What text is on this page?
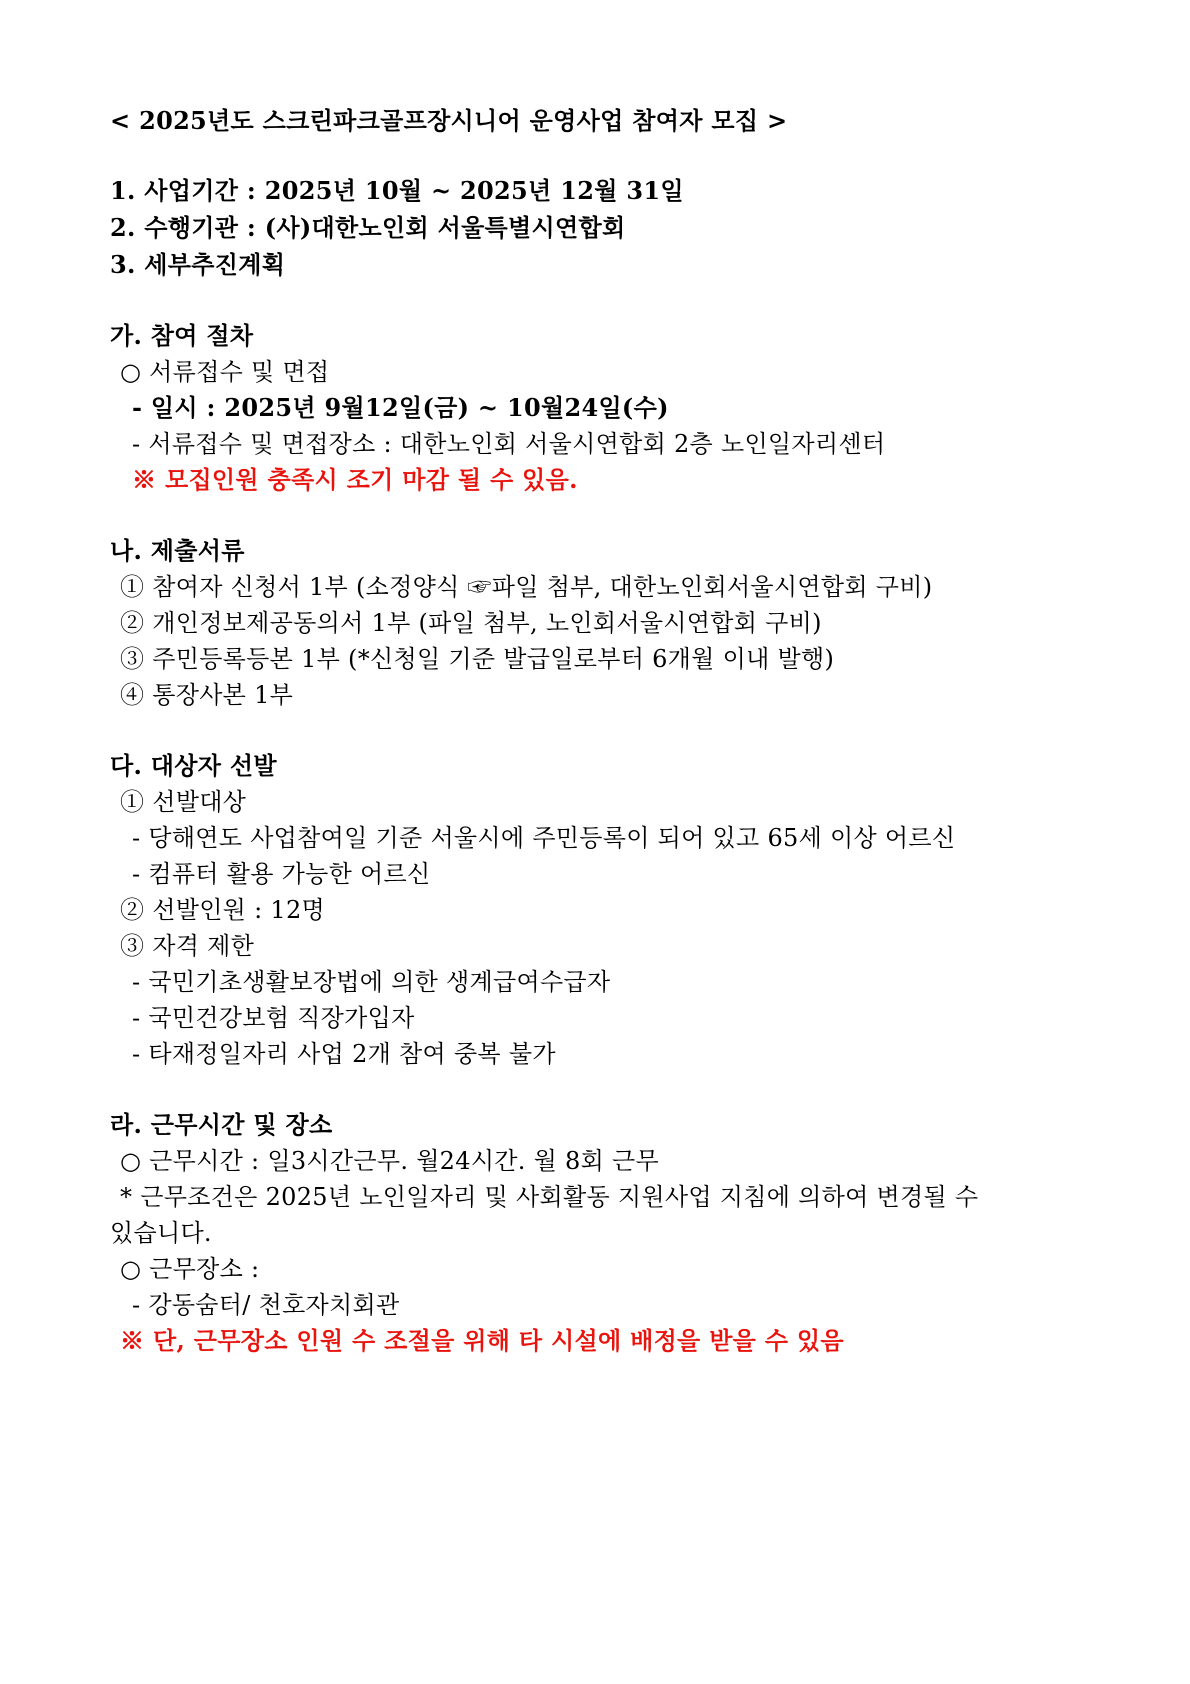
< 2025년도 스크린파크골프장시니어 운영사업 참여자 모집 >
1. 사업기간 : 2025년 10월 ~ 2025년 12월 31일
2. 수행기관 : (사)대한노인회 서울특별시연합회
3. 세부추진계획
가. 참여 절차
○ 서류접수 및 면접
- 일시 : 2025년 9월12일(금) ~ 10월24일(수)
- 서류접수 및 면접장소 : 대한노인회 서울시연합회 2층 노인일자리센터
※ 모집인원 충족시 조기 마감 될 수 있음.
나. 제출서류
① 참여자 신청서 1부 (소정양식 ☞파일 첨부, 대한노인회서울시연합회 구비)
② 개인정보제공동의서 1부 (파일 첨부, 노인회서울시연합회 구비)
③ 주민등록등본 1부 (*신청일 기준 발급일로부터 6개월 이내 발행)
④ 통장사본 1부
다. 대상자 선발
① 선발대상
- 당해연도 사업참여일 기준 서울시에 주민등록이 되어 있고 65세 이상 어르신
- 컴퓨터 활용 가능한 어르신
② 선발인원 : 12명
③ 자격 제한
- 국민기초생활보장법에 의한 생계급여수급자
- 국민건강보험 직장가입자
- 타재정일자리 사업 2개 참여 중복 불가
라. 근무시간 및 장소
○ 근무시간 : 일3시간근무. 월24시간. 월 8회 근무
* 근무조건은 2025년 노인일자리 및 사회활동 지원사업 지침에 의하여 변경될 수
있습니다.
○ 근무장소 :
- 강동숨터/ 천호자치회관
※ 단, 근무장소 인원 수 조절을 위해 타 시설에 배정을 받을 수 있음
